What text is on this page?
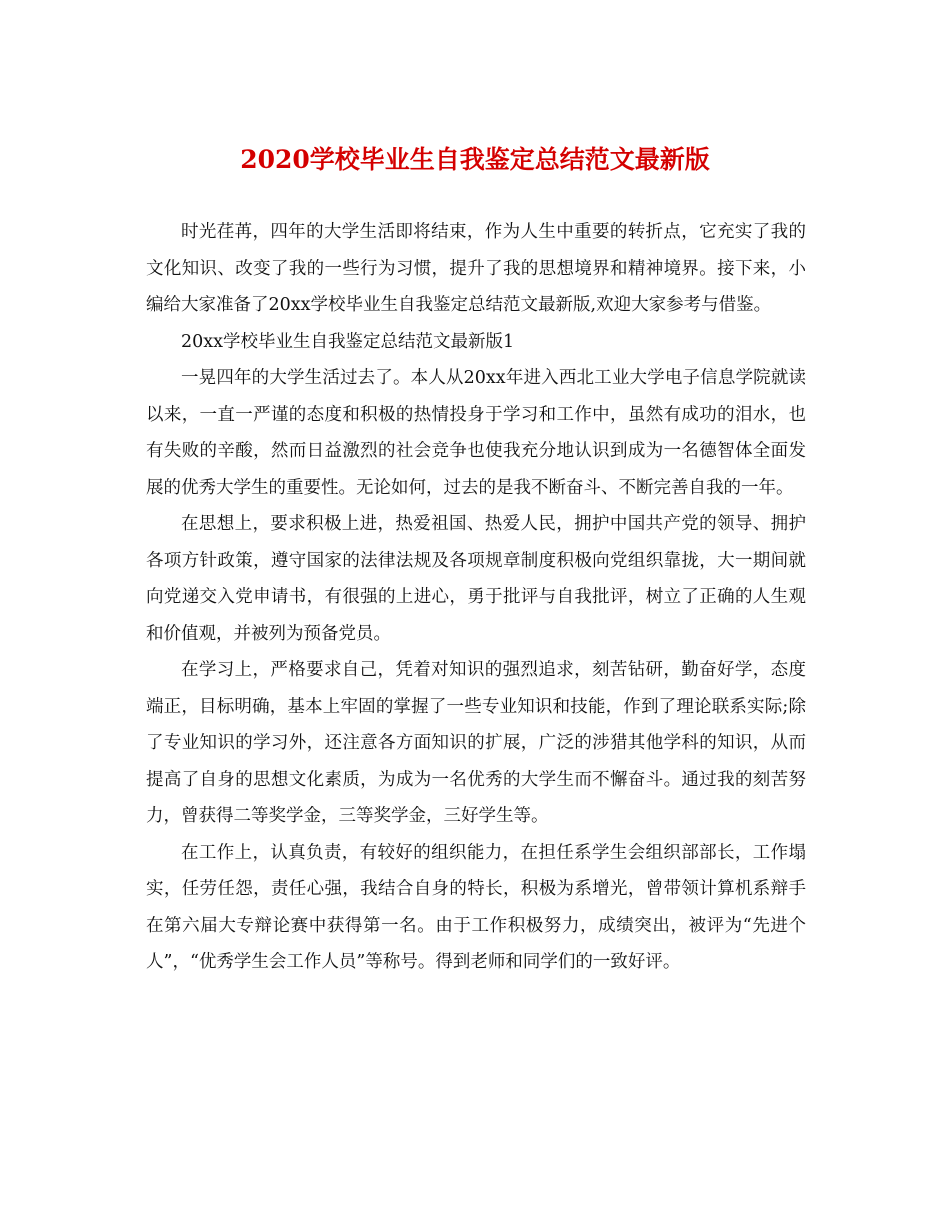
2020学校毕业生自我鉴定总结范文最新版

时光荏苒，四年的大学生活即将结束，作为人生中重要的转折点，它充实了我的文化知识、改变了我的一些行为习惯，提升了我的思想境界和精神境界。接下来，小编给大家准备了20xx学校毕业生自我鉴定总结范文最新版,欢迎大家参考与借鉴。

20xx学校毕业生自我鉴定总结范文最新版1

一晃四年的大学生活过去了。本人从20xx年进入西北工业大学电子信息学院就读以来，一直一严谨的态度和积极的热情投身于学习和工作中，虽然有成功的泪水，也有失败的辛酸，然而日益激烈的社会竞争也使我充分地认识到成为一名德智体全面发展的优秀大学生的重要性。无论如何，过去的是我不断奋斗、不断完善自我的一年。

在思想上，要求积极上进，热爱祖国、热爱人民，拥护中国共产党的领导、拥护各项方针政策，遵守国家的法律法规及各项规章制度积极向党组织靠拢，大一期间就向党递交入党申请书，有很强的上进心，勇于批评与自我批评，树立了正确的人生观和价值观，并被列为预备党员。

在学习上，严格要求自己，凭着对知识的强烈追求，刻苦钻研，勤奋好学，态度端正，目标明确，基本上牢固的掌握了一些专业知识和技能，作到了理论联系实际;除了专业知识的学习外，还注意各方面知识的扩展，广泛的涉猎其他学科的知识，从而提高了自身的思想文化素质，为成为一名优秀的大学生而不懈奋斗。通过我的刻苦努力，曾获得二等奖学金，三等奖学金，三好学生等。

在工作上，认真负责，有较好的组织能力，在担任系学生会组织部部长，工作塌实，任劳任怨，责任心强，我结合自身的特长，积极为系增光，曾带领计算机系辩手在第六届大专辩论赛中获得第一名。由于工作积极努力，成绩突出，被评为“先进个人”，“优秀学生会工作人员”等称号。得到老师和同学们的一致好评。
